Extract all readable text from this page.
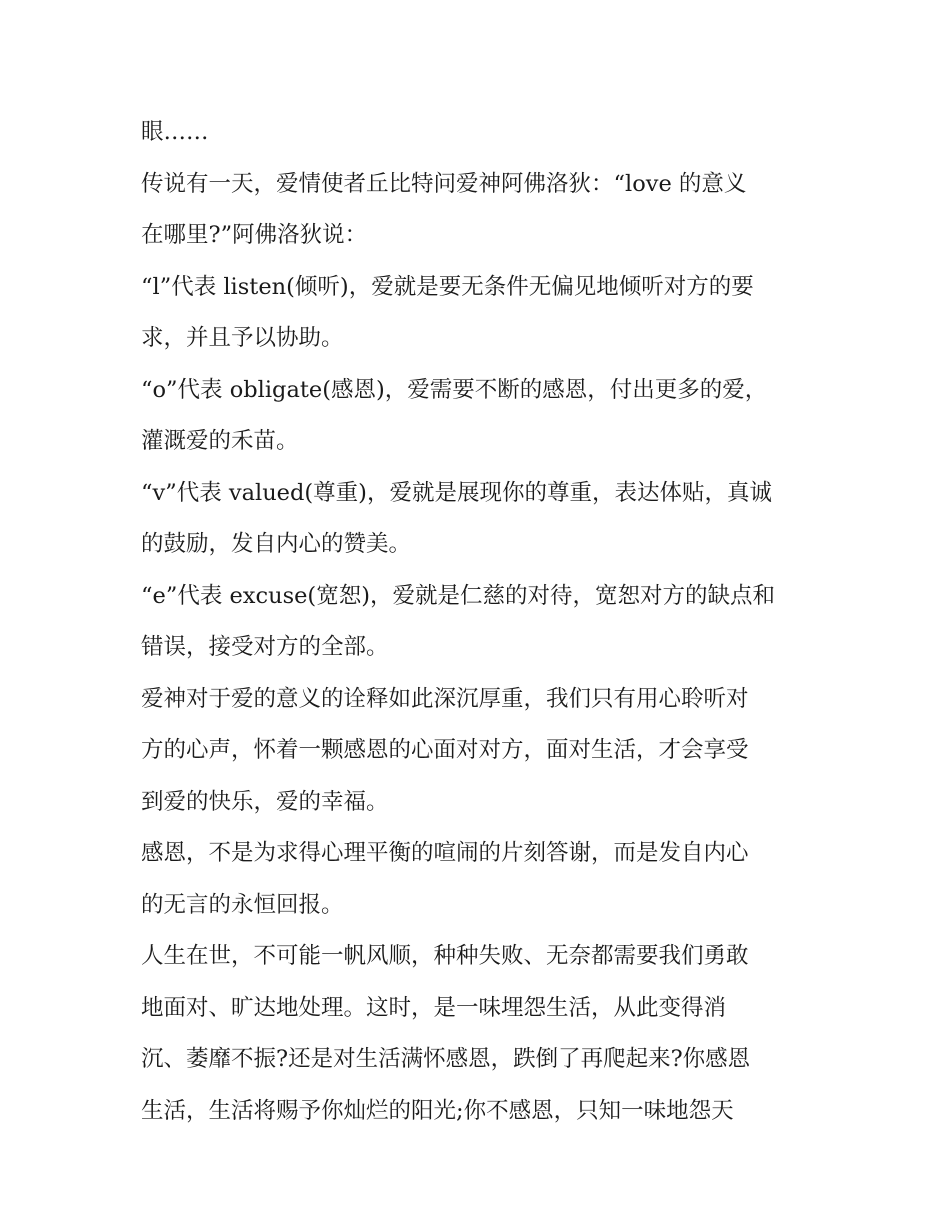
眼……
传说有一天，爱情使者丘比特问爱神阿佛洛狄：“love 的意义
在哪里?”阿佛洛狄说：
“l”代表 listen(倾听)，爱就是要无条件无偏见地倾听对方的要
求，并且予以协助。
“o”代表 obligate(感恩)，爱需要不断的感恩，付出更多的爱，
灌溉爱的禾苗。
“v”代表 valued(尊重)，爱就是展现你的尊重，表达体贴，真诚
的鼓励，发自内心的赞美。
“e”代表 excuse(宽恕)，爱就是仁慈的对待，宽恕对方的缺点和
错误，接受对方的全部。
爱神对于爱的意义的诠释如此深沉厚重，我们只有用心聆听对
方的心声，怀着一颗感恩的心面对对方，面对生活，才会享受
到爱的快乐，爱的幸福。
感恩，不是为求得心理平衡的喧闹的片刻答谢，而是发自内心
的无言的永恒回报。
人生在世，不可能一帆风顺，种种失败、无奈都需要我们勇敢
地面对、旷达地处理。这时，是一味埋怨生活，从此变得消
沉、萎靡不振?还是对生活满怀感恩，跌倒了再爬起来?你感恩
生活，生活将赐予你灿烂的阳光;你不感恩，只知一味地怨天
